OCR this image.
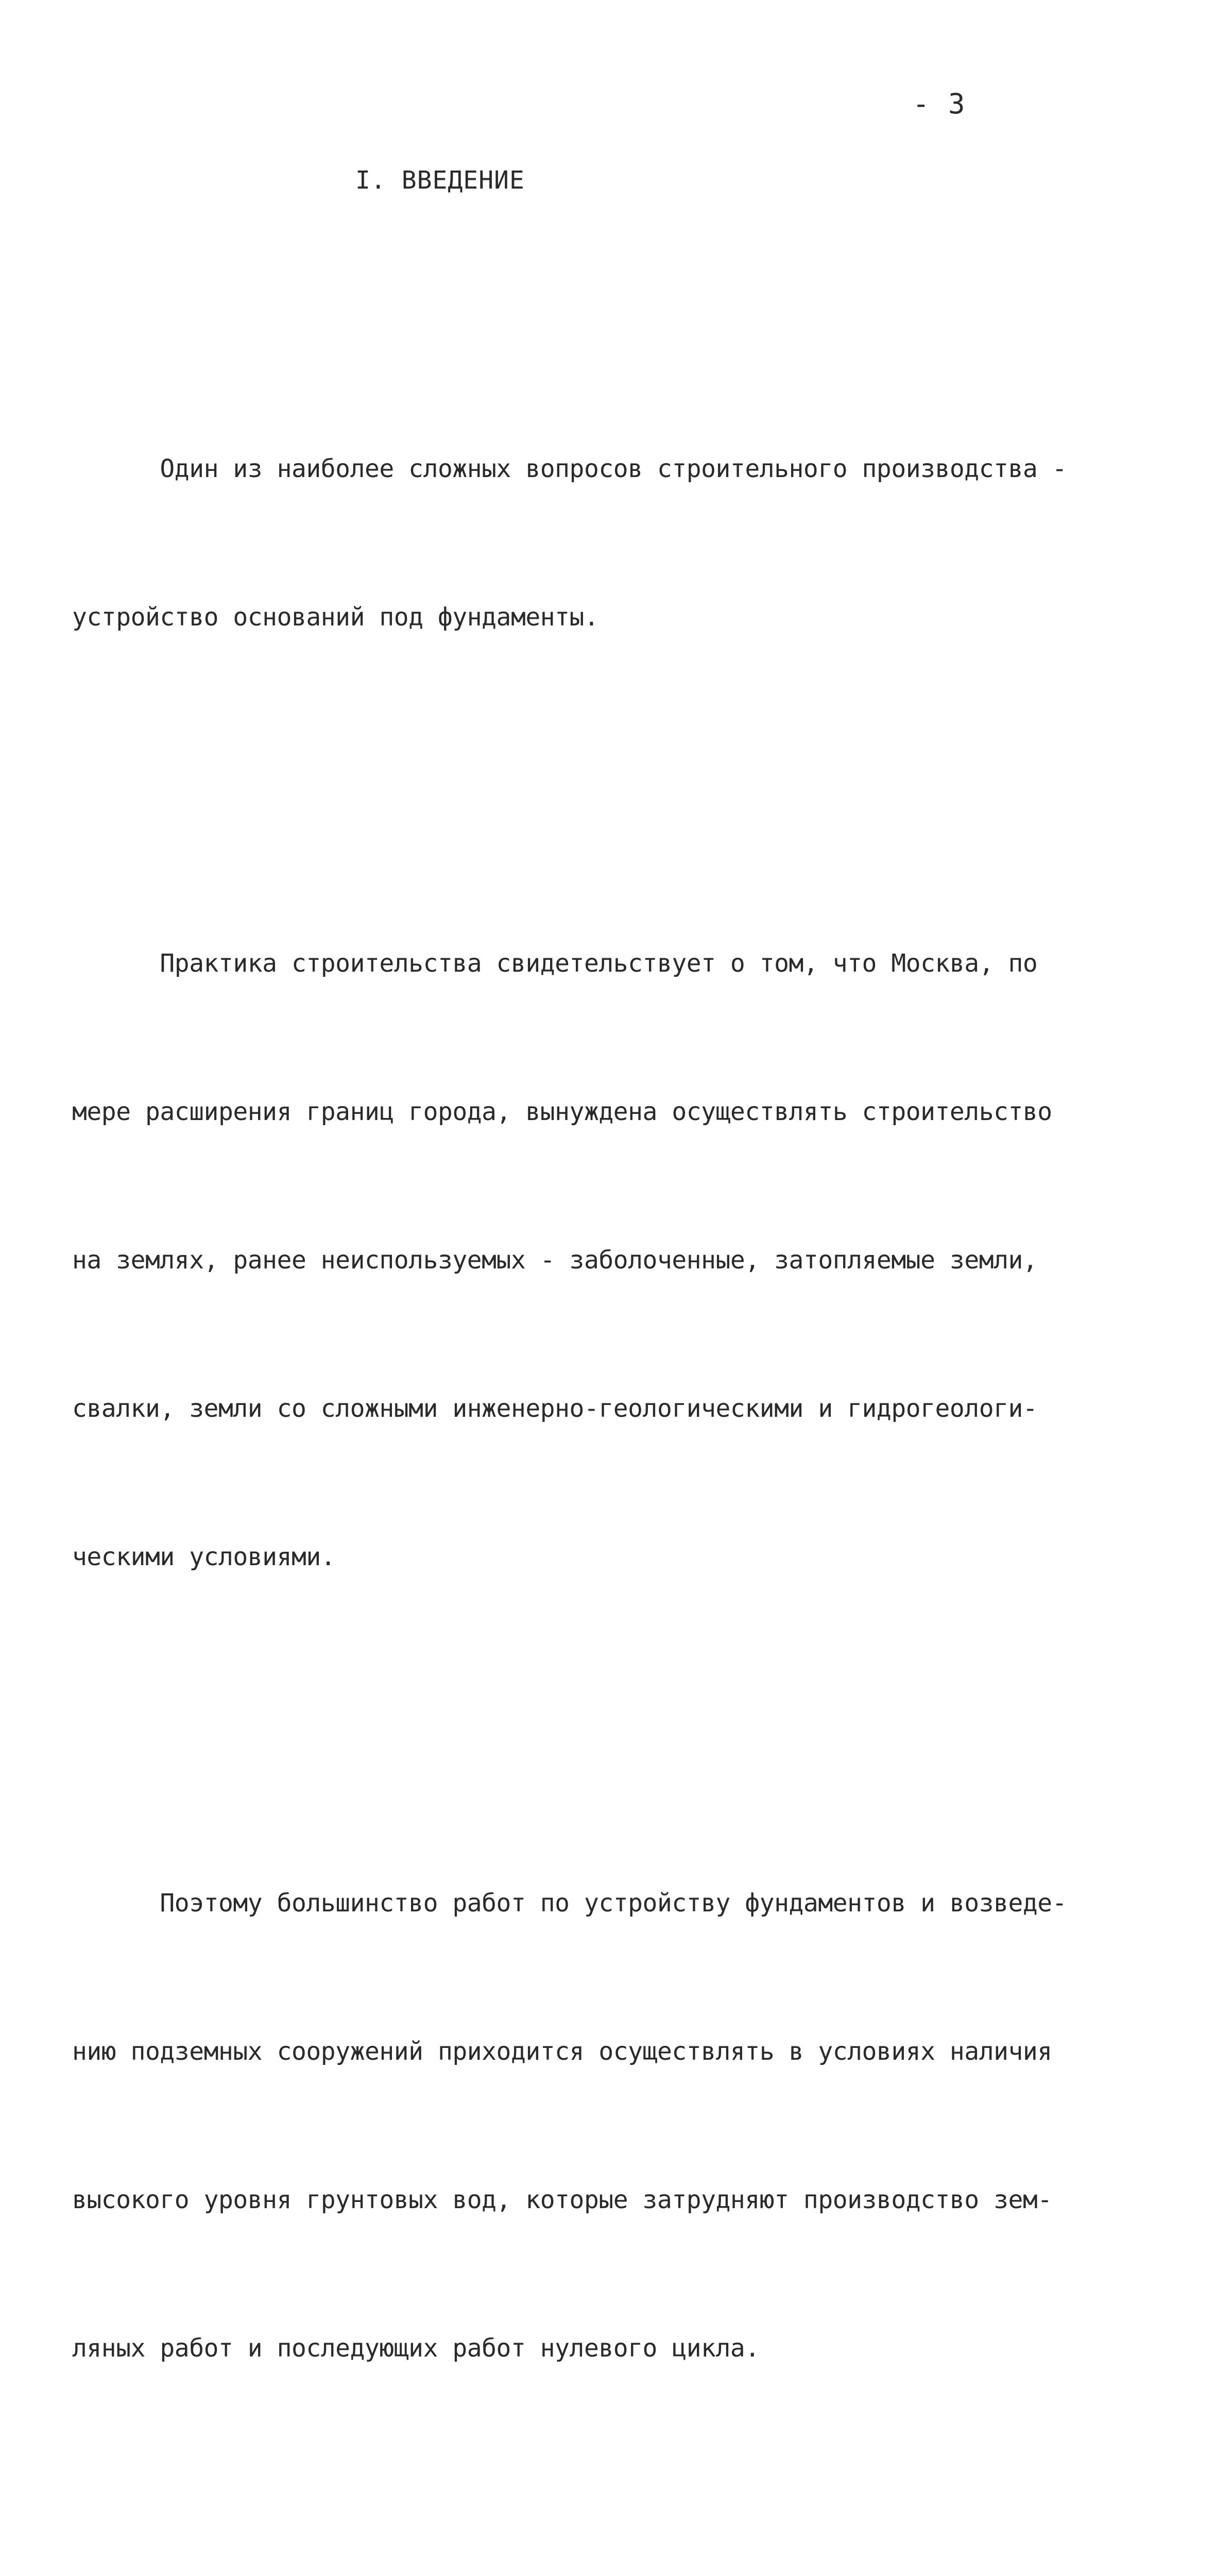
- 3
I. ВВЕДЕНИЕ

Один из наиболее сложных вопросов строительного производства -

устройство оснований под фундаменты.

Практика строительства свидетельствует о том, что Москва, по

мере расширения границ города, вынуждена осуществлять строительство

на землях, ранее неиспользуемых - заболоченные, затопляемые земли,

свалки, земли со сложными инженерно-геологическими и гидрогеологи-

ческими условиями.

Поэтому большинство работ по устройству фундаментов и возведе-

нию подземных сооружений приходится осуществлять в условиях наличия

высокого уровня грунтовых вод, которые затрудняют производство зем-

ляных работ и последующих работ нулевого цикла.
